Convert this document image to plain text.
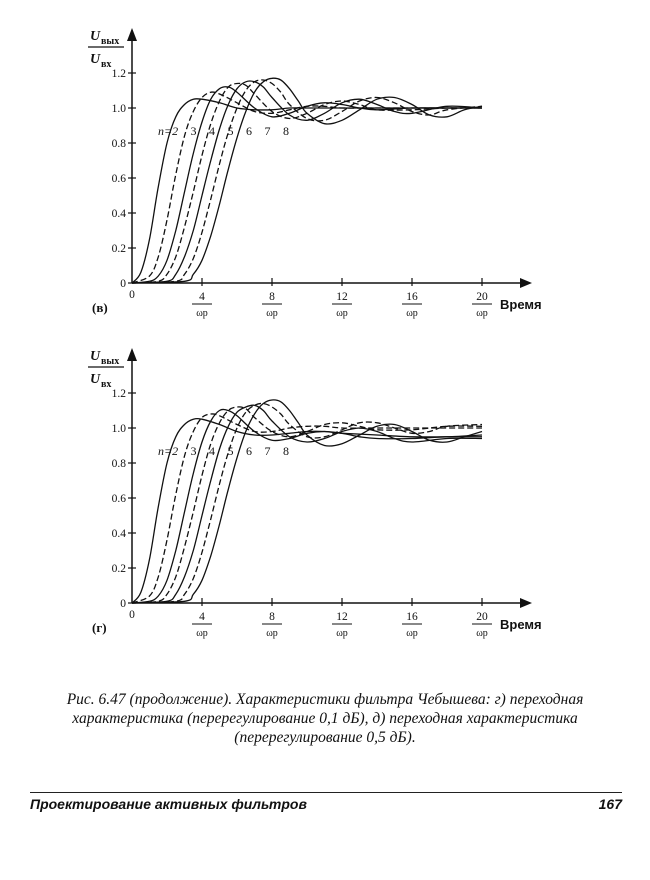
0
0.2
0.4
0.6
0.8
1.0
1.2
0	4
ωp
8
ωp
12
ωp
16
ωp
20
ωp
Время
U вых
U вх
(в)
n=2 3 4 5 6 7 8
0
0.2
0.4
0.6
0.8
1.0
1.2
0	4
ωp
8
ωp
12
ωp
16
ωp
20
ωp
Время
U вых
U вх
(г)
n=2 3 4 5 6 7 8
Рис. 6.47 (продолжение). Характеристики фильтра Чебышева: г) переходная характеристика (перерегулирование 0,1 дБ), д) переходная характеристика (перерегулирование 0,5 дБ).
Проектирование активных фильтров	167
